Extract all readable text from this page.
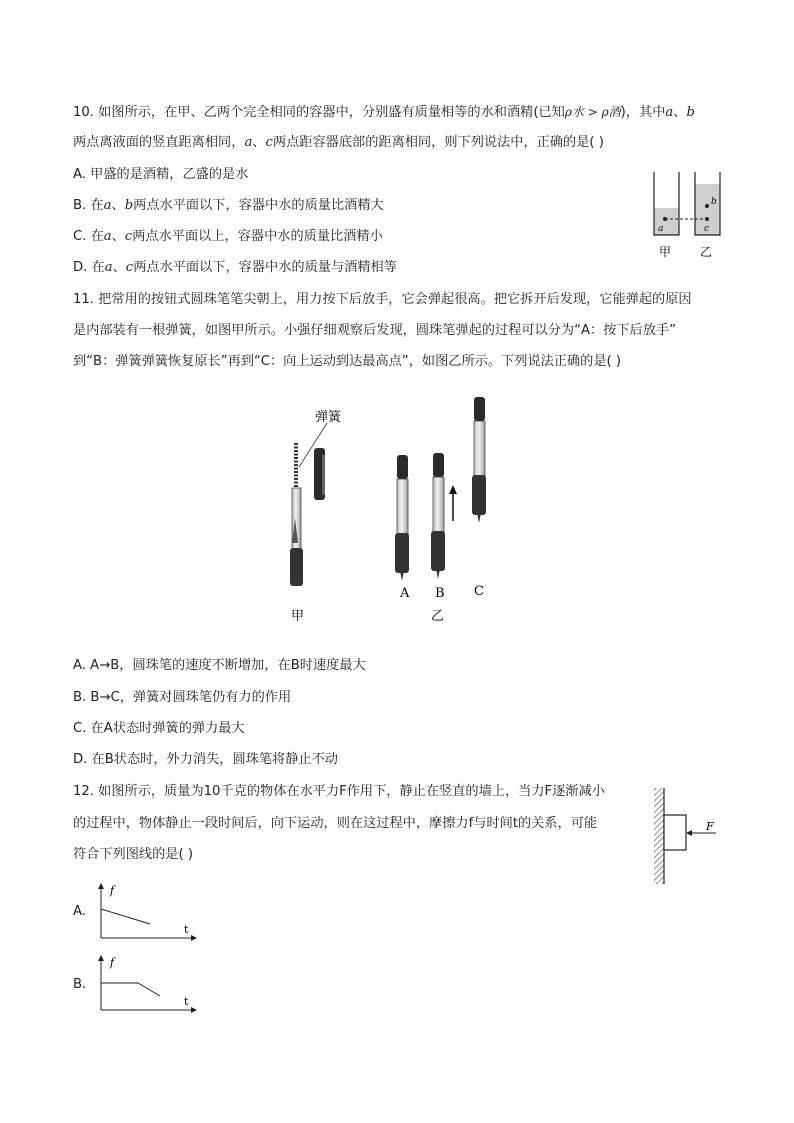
10. 如图所示，在甲、乙两个完全相同的容器中，分别盛有质量相等的水和酒精(已知ρ水 > ρ酒)，其中a、b
两点离液面的竖直距离相同，a、c两点距容器底部的距离相同，则下列说法中，正确的是( )
A. 甲盛的是酒精，乙盛的是水
B. 在a、b两点水平面以下，容器中水的质量比酒精大
C. 在a、c两点水平面以上，容器中水的质量比酒精小
D. 在a、c两点水平面以下，容器中水的质量与酒精相等
a
b
c
甲 乙
11. 把常用的按钮式圆珠笔笔尖朝上，用力按下后放手，它会弹起很高。把它拆开后发现，它能弹起的原因
是内部装有一根弹簧，如图甲所示。小强仔细观察后发现，圆珠笔弹起的过程可以分为“A：按下后放手”
到“B：弹簧弹簧恢复原长”再到“C：向上运动到达最高点”，如图乙所示。下列说法正确的是( )
弹簧
甲
A B C
乙
A. A→B，圆珠笔的速度不断增加，在B时速度最大
B. B→C，弹簧对圆珠笔仍有力的作用
C. 在A状态时弹簧的弹力最大
D. 在B状态时，外力消失，圆珠笔将静止不动
12. 如图所示，质量为10千克的物体在水平力F作用下，静止在竖直的墙上，当力F逐渐减小
的过程中，物体静止一段时间后，向下运动，则在这过程中，摩擦力f与时间t的关系，可能
符合下列图线的是( )
F
A.
f
t
B.
f
t
